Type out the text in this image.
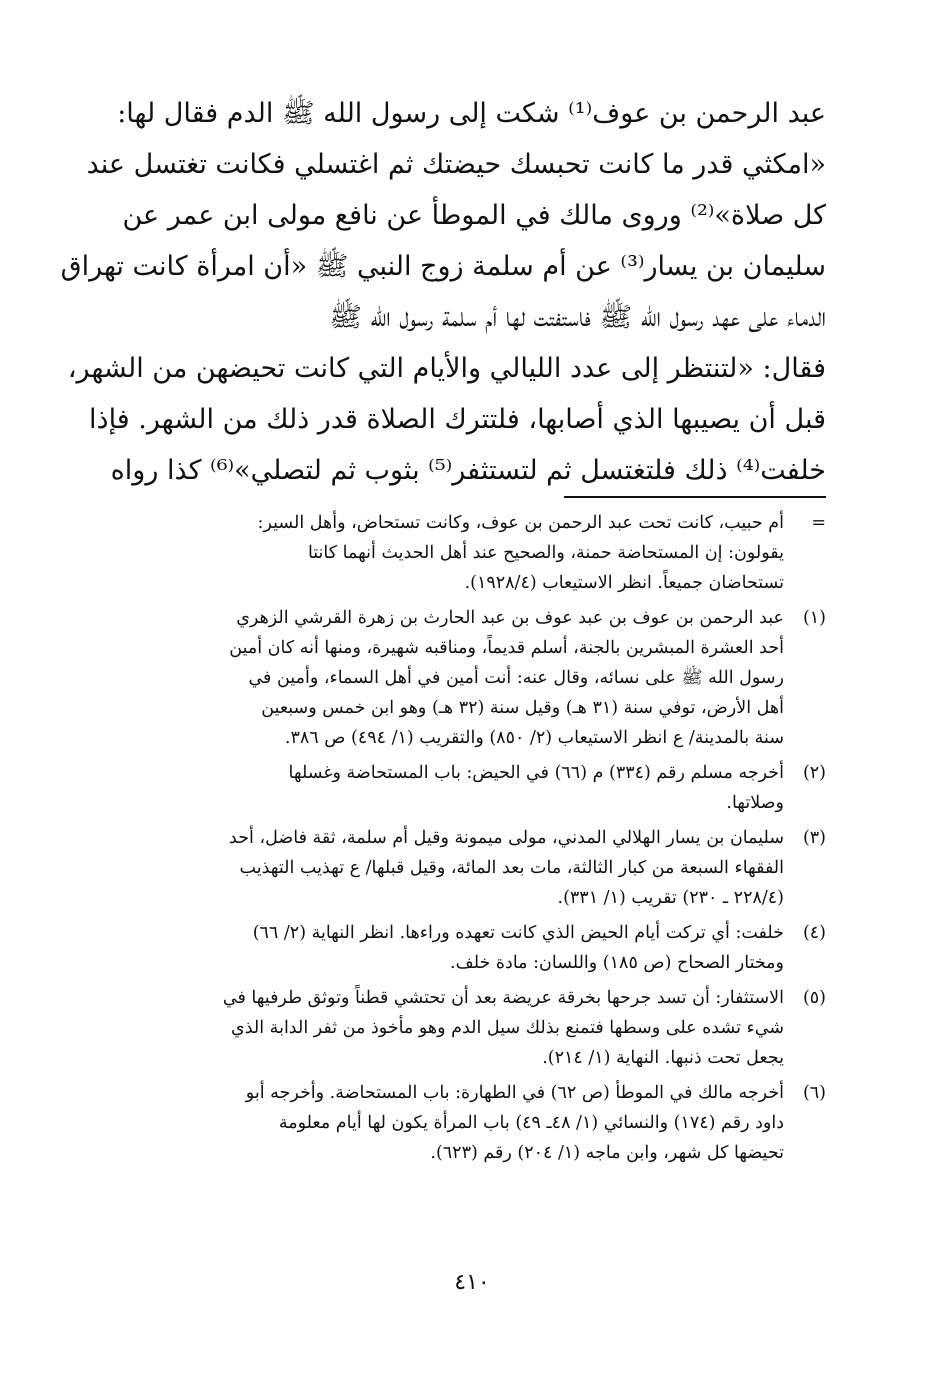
عبد الرحمن بن عوف⁽¹⁾ شكت إلى رسول الله ﷺ الدم فقال لها:
«امكثي قدر ما كانت تحبسك حيضتك ثم اغتسلي فكانت تغتسل عند
كل صلاة»⁽²⁾ وروى مالك في الموطأ عن نافع مولى ابن عمر عن
سليمان بن يسار⁽³⁾ عن أم سلمة زوج النبي ﷺ «أن امرأة كانت تهراق
الدماء على عهد رسول الله ﷺ فاستفتت لها أم سلمة رسول الله ﷺ
فقال: «لتنتظر إلى عدد الليالي والأيام التي كانت تحيضهن من الشهر،
قبل أن يصيبها الذي أصابها، فلتترك الصلاة قدر ذلك من الشهر. فإذا
خلفت⁽⁴⁾ ذلك فلتغتسل ثم لتستثفر⁽⁵⁾ بثوب ثم لتصلي»⁽⁶⁾ كذا رواه
=
أم حبيب، كانت تحت عبد الرحمن بن عوف، وكانت تستحاض، وأهل السير:
يقولون: إن المستحاضة حمنة، والصحيح عند أهل الحديث أنهما كانتا
تستحاضان جميعاً. انظر الاستيعاب (١٩٢٨/٤).
(١)
عبد الرحمن بن عوف بن عبد عوف بن عبد الحارث بن زهرة القرشي الزهري
أحد العشرة المبشرين بالجنة، أسلم قديماً، ومناقبه شهيرة، ومنها أنه كان أمين
رسول الله ﷺ على نسائه، وقال عنه: أنت أمين في أهل السماء، وأمين في
أهل الأرض، توفي سنة (٣١ هـ) وقيل سنة (٣٢ هـ) وهو ابن خمس وسبعين
سنة بالمدينة/ ع انظر الاستيعاب (٢/ ٨٥٠) والتقريب (١/ ٤٩٤) ص ٣٨٦.
(٢)
أخرجه مسلم رقم (٣٣٤) م (٦٦) في الحيض: باب المستحاضة وغسلها
وصلاتها.
(٣)
سليمان بن يسار الهلالي المدني، مولى ميمونة وقيل أم سلمة، ثقة فاضل، أحد
الفقهاء السبعة من كبار الثالثة، مات بعد المائة، وقيل قبلها/ ع تهذيب التهذيب
(٢٢٨/٤ ـ ٢٣٠) تقريب (١/ ٣٣١).
(٤)
خلفت: أي تركت أيام الحيض الذي كانت تعهده وراءها. انظر النهاية (٢/ ٦٦)
ومختار الصحاح (ص ١٨٥) واللسان: مادة خلف.
(٥)
الاستثفار: أن تسد جرحها بخرقة عريضة بعد أن تحتشي قطناً وتوثق طرفيها في
شيء تشده على وسطها فتمنع بذلك سيل الدم وهو مأخوذ من ثفر الدابة الذي
يجعل تحت ذنبها. النهاية (١/ ٢١٤).
(٦)
أخرجه مالك في الموطأ (ص ٦٢) في الطهارة: باب المستحاضة. وأخرجه أبو
داود رقم (١٧٤) والنسائي (١/ ٤٨ـ ٤٩) باب المرأة يكون لها أيام معلومة
تحيضها كل شهر، وابن ماجه (١/ ٢٠٤) رقم (٦٢٣).
٤١٠
